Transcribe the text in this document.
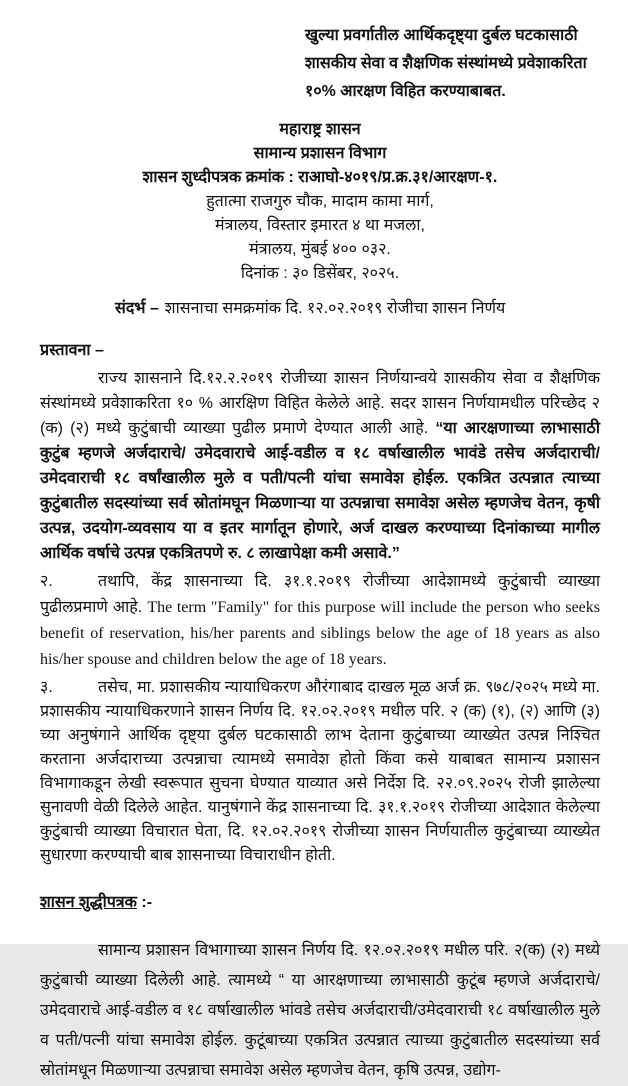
खुल्या प्रवर्गातील आर्थिकदृष्ट्या दुर्बल घटकासाठी
शासकीय सेवा व शैक्षणिक संस्थांमध्ये प्रवेशाकरिता
१०% आरक्षण विहित करण्याबाबत.
महाराष्ट्र शासन
सामान्य प्रशासन विभाग
शासन शुध्दीपत्रक क्रमांक : राआघो-४०१९/प्र.क्र.३१/आरक्षण-१.
हुतात्मा राजगुरु चौक, मादाम कामा मार्ग,
मंत्रालय, विस्तार इमारत ४ था मजला,
मंत्रालय, मुंबई ४०० ०३२.
दिनांक : ३० डिसेंबर, २०२५.
संदर्भ – शासनाचा समक्रमांक दि. १२.०२.२०१९ रोजीचा शासन निर्णय
प्रस्तावना –

राज्य शासनाने दि.१२.२.२०१९ रोजीच्या शासन निर्णयान्वये शासकीय सेवा व शैक्षणिक संस्थांमध्ये प्रवेशाकरिता १० % आरक्षिण विहित केलेले आहे. सदर शासन निर्णयामधील परिच्छेद २ (क) (२) मध्ये कुटुंबाची व्याख्या पुढील प्रमाणे देण्यात आली आहे. “या आरक्षणाच्या लाभासाठी कुटुंब म्हणजे अर्जदाराचे/ उमेदवाराचे आई-वडील व १८ वर्षाखालील भावंडे तसेच अर्जदाराची/ उमेदवाराची १८ वर्षांखालील मुले व पती/पत्नी यांचा समावेश होईल. एकत्रित उत्पन्नात त्याच्या कुटुंबातील सदस्यांच्या सर्व स्रोतांमघून मिळणाऱ्या या उत्पन्नाचा समावेश असेल म्हणजेच वेतन, कृषी उत्पन्न, उदयोग-व्यवसाय या व इतर मार्गातून होणारे, अर्ज दाखल करण्याच्या दिनांकाच्या मागील आर्थिक वर्षाचे उत्पन्न एकत्रितपणे रु. ८ लाखापेक्षा कमी असावे.”

२.	तथापि, केंद्र शासनाच्या दि. ३१.१.२०१९ रोजीच्या आदेशामध्ये कुटुंबाची व्याख्या पुढीलप्रमाणे आहे. The term "Family" for this purpose will include the person who seeks benefit of reservation, his/her parents and siblings below the age of 18 years as also his/her spouse and children below the age of 18 years.

३.	तसेच, मा. प्रशासकीय न्यायाधिकरण औरंगाबाद दाखल मूळ अर्ज क्र. ९७८/२०२५ मध्ये मा. प्रशासकीय न्यायाधिकरणाने शासन निर्णय दि. १२.०२.२०१९ मधील परि. २ (क) (१), (२) आणि (३) च्या अनुषंगाने आर्थिक दृष्ट्या दुर्बल घटकासाठी लाभ देताना कुटुंबाच्या व्याख्येत उत्पन्न निश्चित करताना अर्जदाराच्या उत्पन्नाचा त्यामध्ये समावेश होतो किंवा कसे याबाबत सामान्य प्रशासन विभागाकडून लेखी स्वरूपात सुचना घेण्यात याव्यात असे निर्देश दि. २२.०९.२०२५ रोजी झालेल्या सुनावणी वेळी दिलेले आहेत. यानुषंगाने केंद्र शासनाच्या दि. ३१.१.२०१९ रोजीच्या आदेशात केलेल्या कुटुंबाची व्याख्या विचारात घेता, दि. १२.०२.२०१९ रोजीच्या शासन निर्णयातील कुटुंबाच्या व्याख्येत सुधारणा करण्याची बाब शासनाच्या विचाराधीन होती.

शासन शुद्धीपत्रक :-

सामान्य प्रशासन विभागाच्या शासन निर्णय दि. १२.०२.२०१९ मधील परि. २(क) (२) मध्ये कुटुंबाची व्याख्या दिलेली आहे. त्यामध्ये “ या आरक्षणाच्या लाभासाठी कुटूंब म्हणजे अर्जदाराचे/उमेदवाराचे आई-वडील व १८ वर्षाखालील भांवडे तसेच अर्जदाराची/उमेदवाराची १८ वर्षाखालील मुले व पती/पत्नी यांचा समावेश होईल. कुटूंबाच्या एकत्रित उत्पन्नात त्याच्या कुटुंबातील सदस्यांच्या सर्व स्रोतांमधून मिळणाऱ्या उत्पन्नाचा समावेश असेल म्हणजेच वेतन, कृषि उत्पन्न, उद्योग-
